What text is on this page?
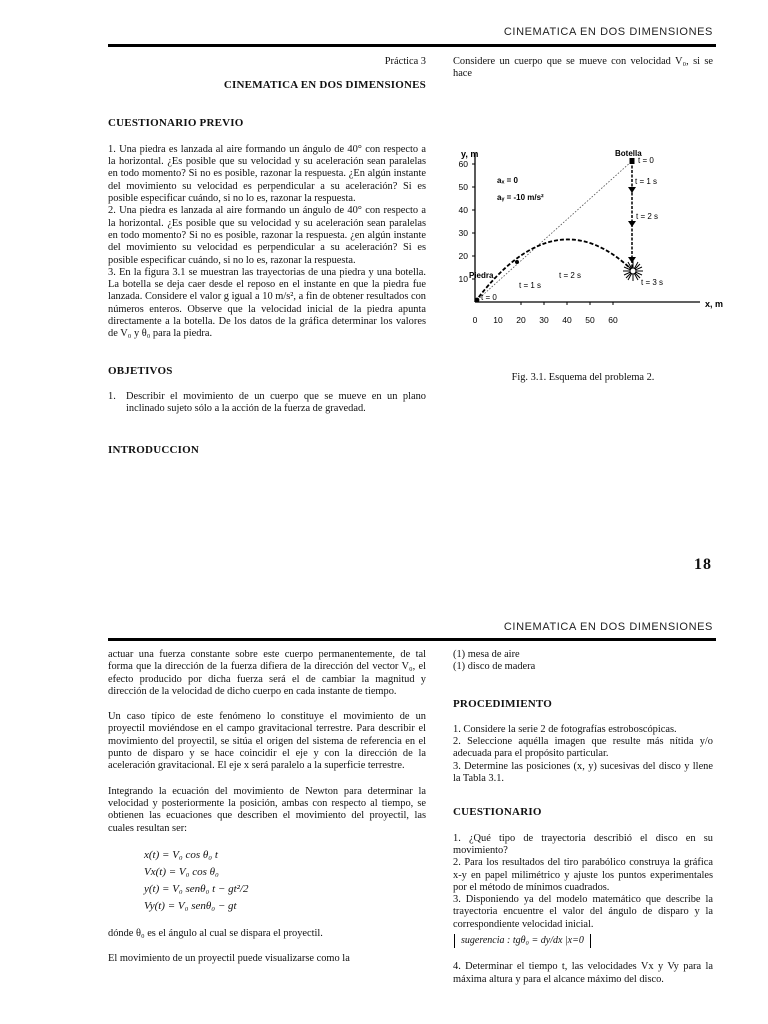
CINEMATICA EN DOS DIMENSIONES

Práctica 3

CINEMATICA EN DOS DIMENSIONES

CUESTIONARIO PREVIO

1. Una piedra es lanzada al aire formando un ángulo de 40° con respecto a la horizontal. ¿Es posible que su velocidad y su aceleración sean paralelas en todo momento? Si no es posible, razonar la respuesta. ¿En algún instante del movimiento su velocidad es perpendicular a su aceleración? Si es posible especificar cuándo, si no lo es, razonar la respuesta.

2. Una piedra es lanzada al aire formando un ángulo de 40° con respecto a la horizontal. ¿Es posible que su velocidad y su aceleración sean paralelas en todo momento? Si no es posible, razonar la respuesta. ¿en algún instante del movimiento su velocidad es perpendicular a su aceleración? Si es posible especificar cuándo, si no lo es, razonar la respuesta.

3. En la figura 3.1 se muestran las trayectorias de una piedra y una botella. La botella se deja caer desde el reposo en el instante en que la piedra fue lanzada. Considere el valor g igual a 10 m/s², a fin de obtener resultados con números enteros. Observe que la velocidad inicial de la piedra apunta directamente a la botella. De los datos de la gráfica determinar los valores de V₀ y θ₀ para la piedra.

OBJETIVOS

1. Describir el movimiento de un cuerpo que se mueve en un plano inclinado sujeto sólo a la acción de la fuerza de gravedad.

INTRODUCCION

Considere un cuerpo que se mueve con velocidad V₀, si se hace

y, m
x, m
10
20
30
40
50
60
0 10 20 30 40 50 60
aₓ = 0
aᵧ = -10 m/s²
Botella
t = 0
t = 1 s
t = 2 s
t = 3 s
Piedra
t = 0
t = 1 s
t = 2 s
Fig. 3.1. Esquema del problema 2.
18
CINEMATICA EN DOS DIMENSIONES

actuar una fuerza constante sobre este cuerpo permanentemente, de tal forma que la dirección de la fuerza difiera de la dirección del vector V₀, el efecto producido por dicha fuerza será el de cambiar la magnitud y dirección de la velocidad de dicho cuerpo en cada instante de tiempo.

Un caso típico de este fenómeno lo constituye el movimiento de un proyectil moviéndose en el campo gravitacional terrestre. Para describir el movimiento del proyectil, se sitúa el origen del sistema de referencia en el punto de disparo y se hace coincidir el eje y con la dirección de la aceleración gravitacional. El eje x será paralelo a la superficie terrestre.

Integrando la ecuación del movimiento de Newton para determinar la velocidad y posteriormente la posición, ambas con respecto al tiempo, se obtienen las ecuaciones que describen el movimiento del proyectil, las cuales resultan ser:

x(t) = V₀ cos θ₀ t

Vx(t) = V₀ cos θ₀

y(t) = V₀ senθ₀ t − gt²/2

Vy(t) = V₀ senθ₀ − gt

dónde θ₀ es el ángulo al cual se dispara el proyectil.

El movimiento de un proyectil puede visualizarse como la

(1) mesa de aire

(1) disco de madera

PROCEDIMIENTO

1. Considere la serie 2 de fotografías estroboscópicas.

2. Seleccione aquélla imagen que resulte más nítida y/o adecuada para el propósito particular.

3. Determine las posiciones (x, y) sucesivas del disco y llene la Tabla 3.1.

CUESTIONARIO

1. ¿Qué tipo de trayectoria describió el disco en su movimiento?

2. Para los resultados del tiro parabólico construya la gráfica x-y en papel milimétrico y ajuste los puntos experimentales por el método de mínimos cuadrados.

3. Disponiendo ya del modelo matemático que describe la trayectoria encuentre el valor del ángulo de disparo y la correspondiente velocidad inicial.

sugerencia : tgθ₀ = dy/dx |x=0

4. Determinar el tiempo t, las velocidades Vx y Vy para la máxima altura y para el alcance máximo del disco.
